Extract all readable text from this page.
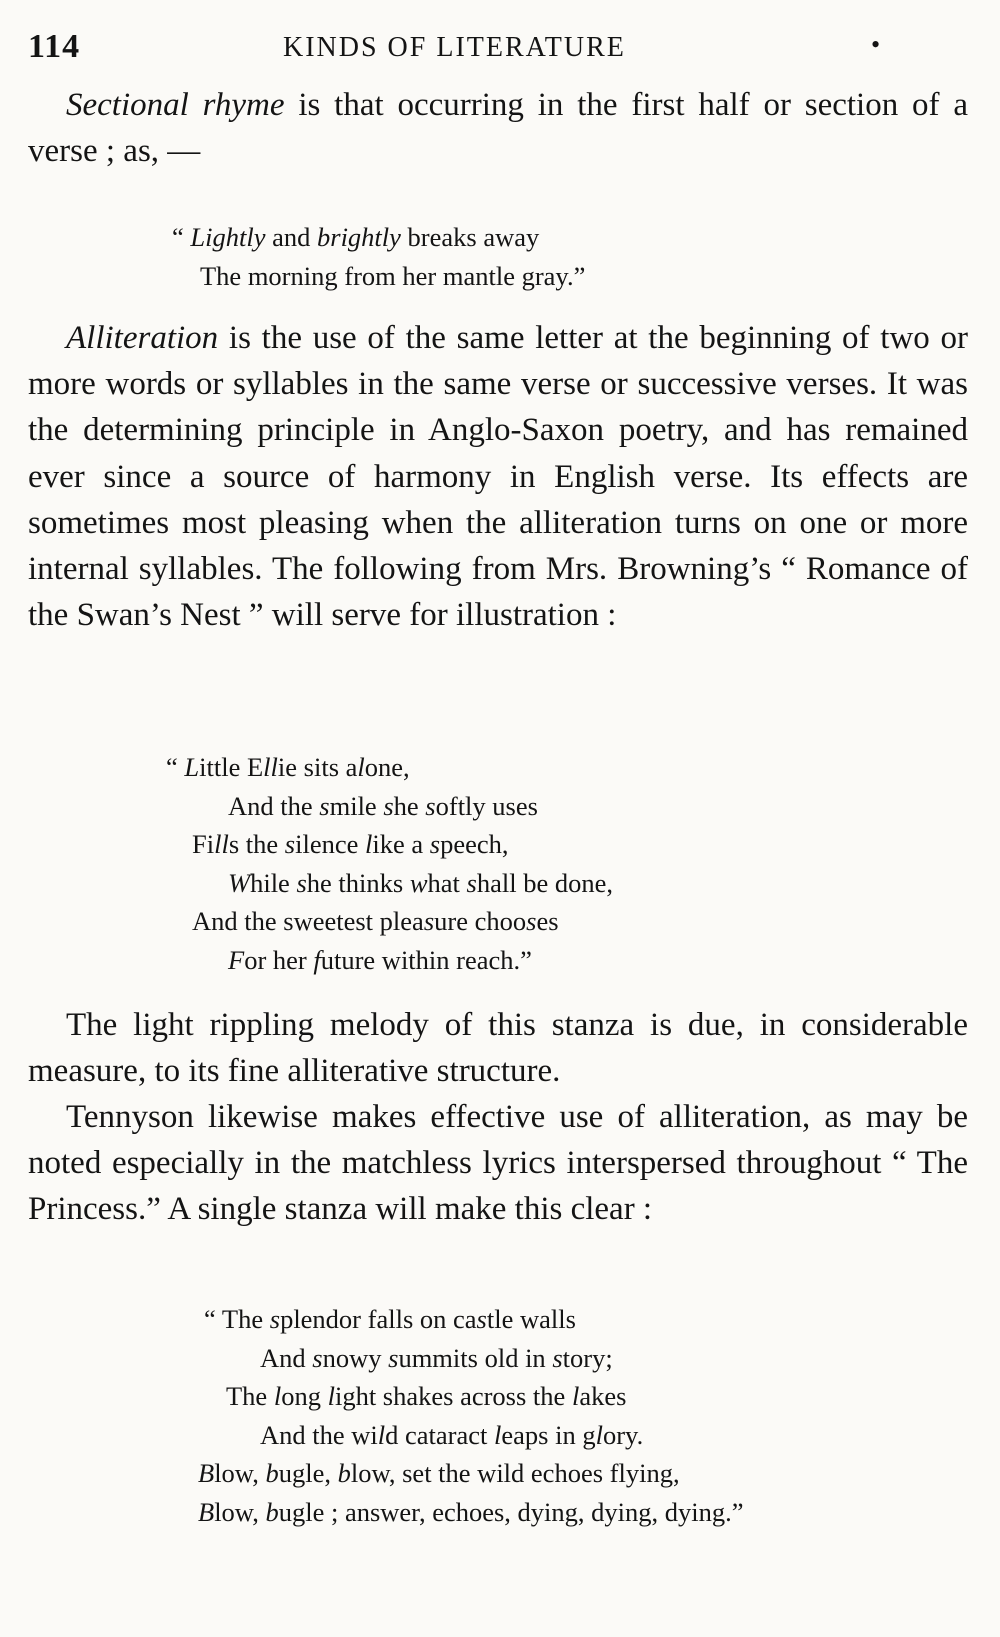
114	KINDS OF LITERATURE	•

Sectional rhyme is that occurring in the first half or section of a verse ; as, —

“ Lightly and brightly breaks away
The morning from her mantle gray.”

Alliteration is the use of the same letter at the beginning of two or more words or syllables in the same verse or successive verses. It was the determining principle in Anglo-Saxon poetry, and has remained ever since a source of harmony in English verse. Its effects are sometimes most pleasing when the alliteration turns on one or more internal syllables. The following from Mrs. Browning’s “ Romance of the Swan’s Nest ” will serve for illustration :

“ Little Ellie sits alone,
And the smile she softly uses
Fills the silence like a speech,
While she thinks what shall be done,
And the sweetest pleasure chooses
For her future within reach.”

The light rippling melody of this stanza is due, in considerable measure, to its fine alliterative structure.

Tennyson likewise makes effective use of alliteration, as may be noted especially in the matchless lyrics interspersed throughout “ The Princess.” A single stanza will make this clear :

“ The splendor falls on castle walls
And snowy summits old in story;
The long light shakes across the lakes
And the wild cataract leaps in glory.
Blow, bugle, blow, set the wild echoes flying,
Blow, bugle ; answer, echoes, dying, dying, dying.”
